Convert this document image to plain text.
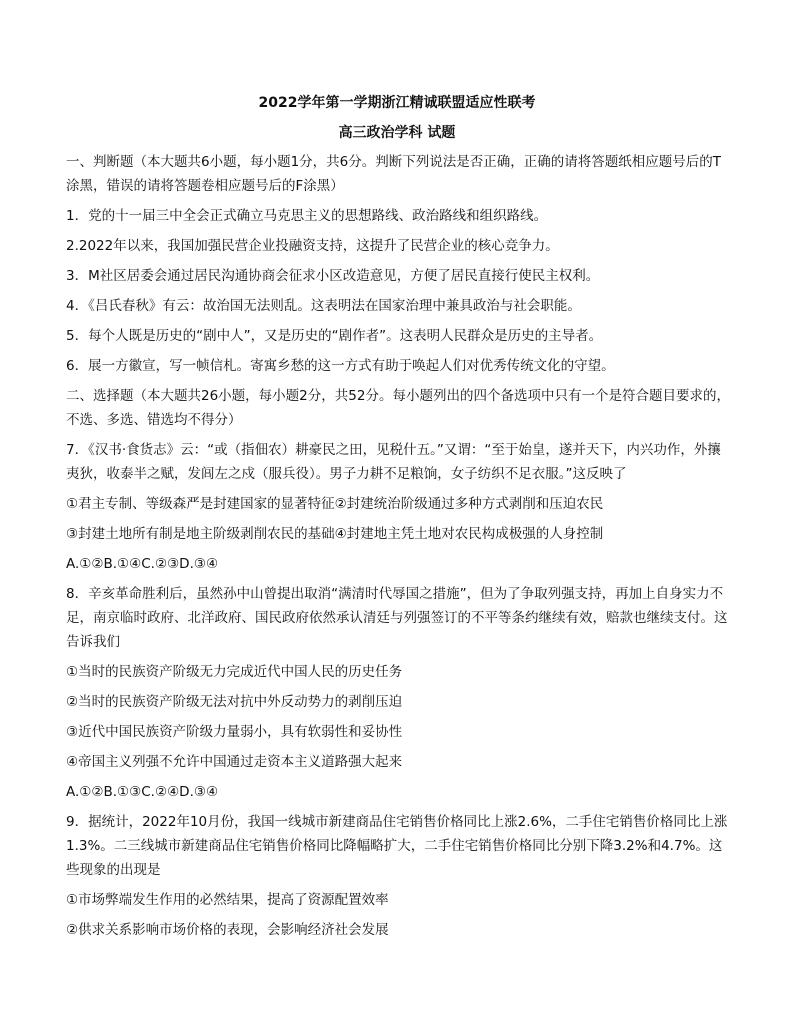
2022学年第一学期浙江精诚联盟适应性联考
高三政治学科 试题

一、判断题（本大题共6小题，每小题1分，共6分。判断下列说法是否正确，正确的请将答题纸相应题号后的T涂黑，错误的请将答题卷相应题号后的F涂黑）

1．党的十一届三中全会正式确立马克思主义的思想路线、政治路线和组织路线。

2.2022年以来，我国加强民营企业投融资支持，这提升了民营企业的核心竞争力。

3．M社区居委会通过居民沟通协商会征求小区改造意见，方便了居民直接行使民主权利。

4．《吕氏春秋》有云：故治国无法则乱。这表明法在国家治理中兼具政治与社会职能。

5．每个人既是历史的“剧中人”，又是历史的“剧作者”。这表明人民群众是历史的主导者。

6．展一方徽宣，写一帧信札。寄寓乡愁的这一方式有助于唤起人们对优秀传统文化的守望。

二、选择题（本大题共26小题，每小题2分，共52分。每小题列出的四个备选项中只有一个是符合题目要求的，不选、多选、错选均不得分）

7．《汉书·食货志》云：“或（指佃农）耕豪民之田，见税什五。”又谓：“至于始皇，遂并天下，内兴功作，外攘夷狄，收泰半之赋，发闾左之戍（服兵役）。男子力耕不足粮饷，女子纺织不足衣服。”这反映了

①君主专制、等级森严是封建国家的显著特征②封建统治阶级通过多种方式剥削和压迫农民

③封建土地所有制是地主阶级剥削农民的基础④封建地主凭土地对农民构成极强的人身控制

A.①②B.①④C.②③D.③④

8．辛亥革命胜利后，虽然孙中山曾提出取消“满清时代辱国之措施”，但为了争取列强支持，再加上自身实力不足，南京临时政府、北洋政府、国民政府依然承认清廷与列强签订的不平等条约继续有效，赔款也继续支付。这告诉我们

①当时的民族资产阶级无力完成近代中国人民的历史任务

②当时的民族资产阶级无法对抗中外反动势力的剥削压迫

③近代中国民族资产阶级力量弱小，具有软弱性和妥协性

④帝国主义列强不允许中国通过走资本主义道路强大起来

A.①②B.①③C.②④D.③④

9．据统计，2022年10月份，我国一线城市新建商品住宅销售价格同比上涨2.6%，二手住宅销售价格同比上涨1.3%。二三线城市新建商品住宅销售价格同比降幅略扩大，二手住宅销售价格同比分别下降3.2%和4.7%。这些现象的出现是

①市场弊端发生作用的必然结果，提高了资源配置效率

②供求关系影响市场价格的表现，会影响经济社会发展
